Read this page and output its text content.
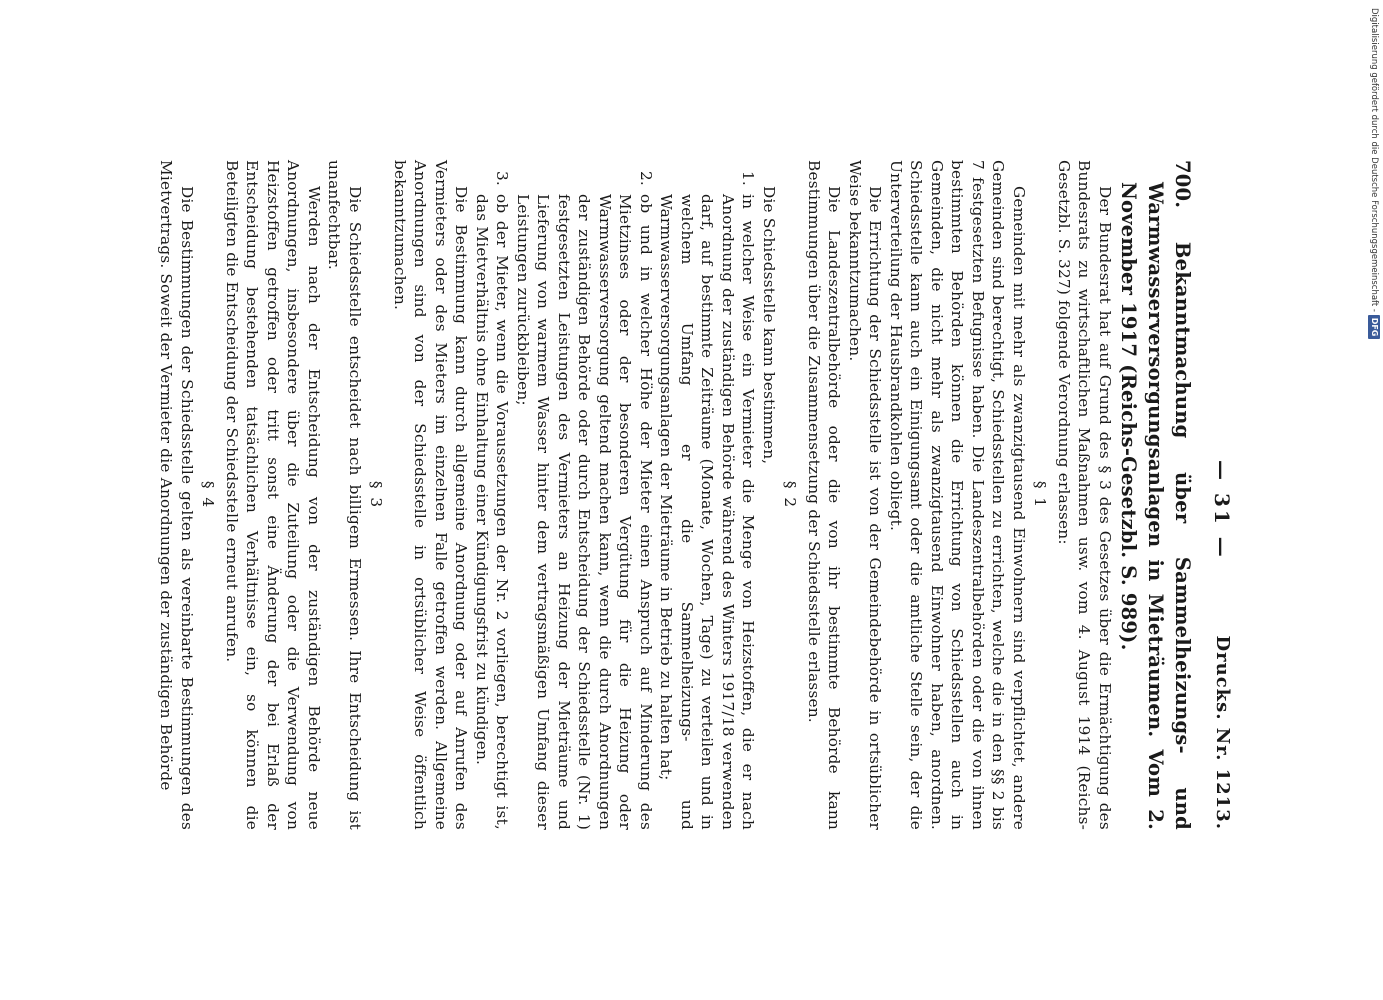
— 31 —
Drucks. Nr. 1213.
700. Bekanntmachung über Sammelheizungs- und Warmwasserversorgungsanlagen in Mieträumen. Vom 2. November 1917 (Reichs-Gesetzbl. S. 989).

Der Bundesrat hat auf Grund des § 3 des Gesetzes über die Ermächtigung des Bundesrats zu wirtschaftlichen Maßnahmen usw. vom 4. August 1914 (Reichs-Gesetzbl. S. 327) folgende Verordnung erlassen:

§ 1

Gemeinden mit mehr als zwanzigtausend Einwohnern sind verpflichtet, andere Gemeinden sind berechtigt, Schiedsstellen zu errichten, welche die in den §§ 2 bis 7 festgesetzten Befugnisse haben. Die Landeszentralbehörden oder die von ihnen bestimmten Behörden können die Errichtung von Schiedsstellen auch in Gemeinden, die nicht mehr als zwanzigtausend Einwohner haben, anordnen. Schiedsstelle kann auch ein Einigungsamt oder die amtliche Stelle sein, der die Unterverteilung der Hausbrandkohlen obliegt.

Die Errichtung der Schiedsstelle ist von der Gemeindebehörde in ortsüblicher Weise bekanntzumachen.

Die Landeszentralbehörde oder die von ihr bestimmte Behörde kann Bestimmungen über die Zusammensetzung der Schiedsstelle erlassen.

§ 2

Die Schiedsstelle kann bestimmen,

1.
in welcher Weise ein Vermieter die Menge von Heizstoffen, die er nach Anordnung der zuständigen Behörde während des Winters 1917/18 verwenden darf, auf bestimmte Zeiträume (Monate, Wochen, Tage) zu verteilen und in welchem Umfang er die Sammelheizungs- und Warmwasserversorgungsanlagen der Mieträume in Betrieb zu halten hat;
2.
ob und in welcher Höhe der Mieter einen Anspruch auf Minderung des Mietzinses oder der besonderen Vergütung für die Heizung oder Warmwasserversorgung geltend machen kann, wenn die durch Anordnungen der zuständigen Behörde oder durch Entscheidung der Schiedsstelle (Nr. 1) festgesetzten Leistungen des Vermieters an Heizung der Mieträume und Lieferung von warmem Wasser hinter dem vertragsmäßigen Umfang dieser Leistungen zurückbleiben;
3.
ob der Mieter, wenn die Voraussetzungen der Nr. 2 vorliegen, berechtigt ist, das Mietverhältnis ohne Einhaltung einer Kündigungsfrist zu kündigen.

Die Bestimmung kann durch allgemeine Anordnung oder auf Anrufen des Vermieters oder des Mieters im einzelnen Falle getroffen werden. Allgemeine Anordnungen sind von der Schiedsstelle in ortsüblicher Weise öffentlich bekanntzumachen.

§ 3

Die Schiedsstelle entscheidet nach billigem Ermessen. Ihre Entscheidung ist unanfechtbar.

Werden nach der Entscheidung von der zuständigen Behörde neue Anordnungen, insbesondere über die Zuteilung oder die Verwendung von Heizstoffen getroffen oder tritt sonst eine Änderung der bei Erlaß der Entscheidung bestehenden tatsächlichen Verhältnisse ein, so können die Beteiligten die Entscheidung der Schiedsstelle erneut anrufen.

§ 4

Die Bestimmungen der Schiedsstelle gelten als vereinbarte Bestimmungen des Mietvertrags. Soweit der Vermieter die Anordnungen der zuständigen Behörde

Digitalisierung gefördert durch die Deutsche Forschungsgemeinschaft - DFG
